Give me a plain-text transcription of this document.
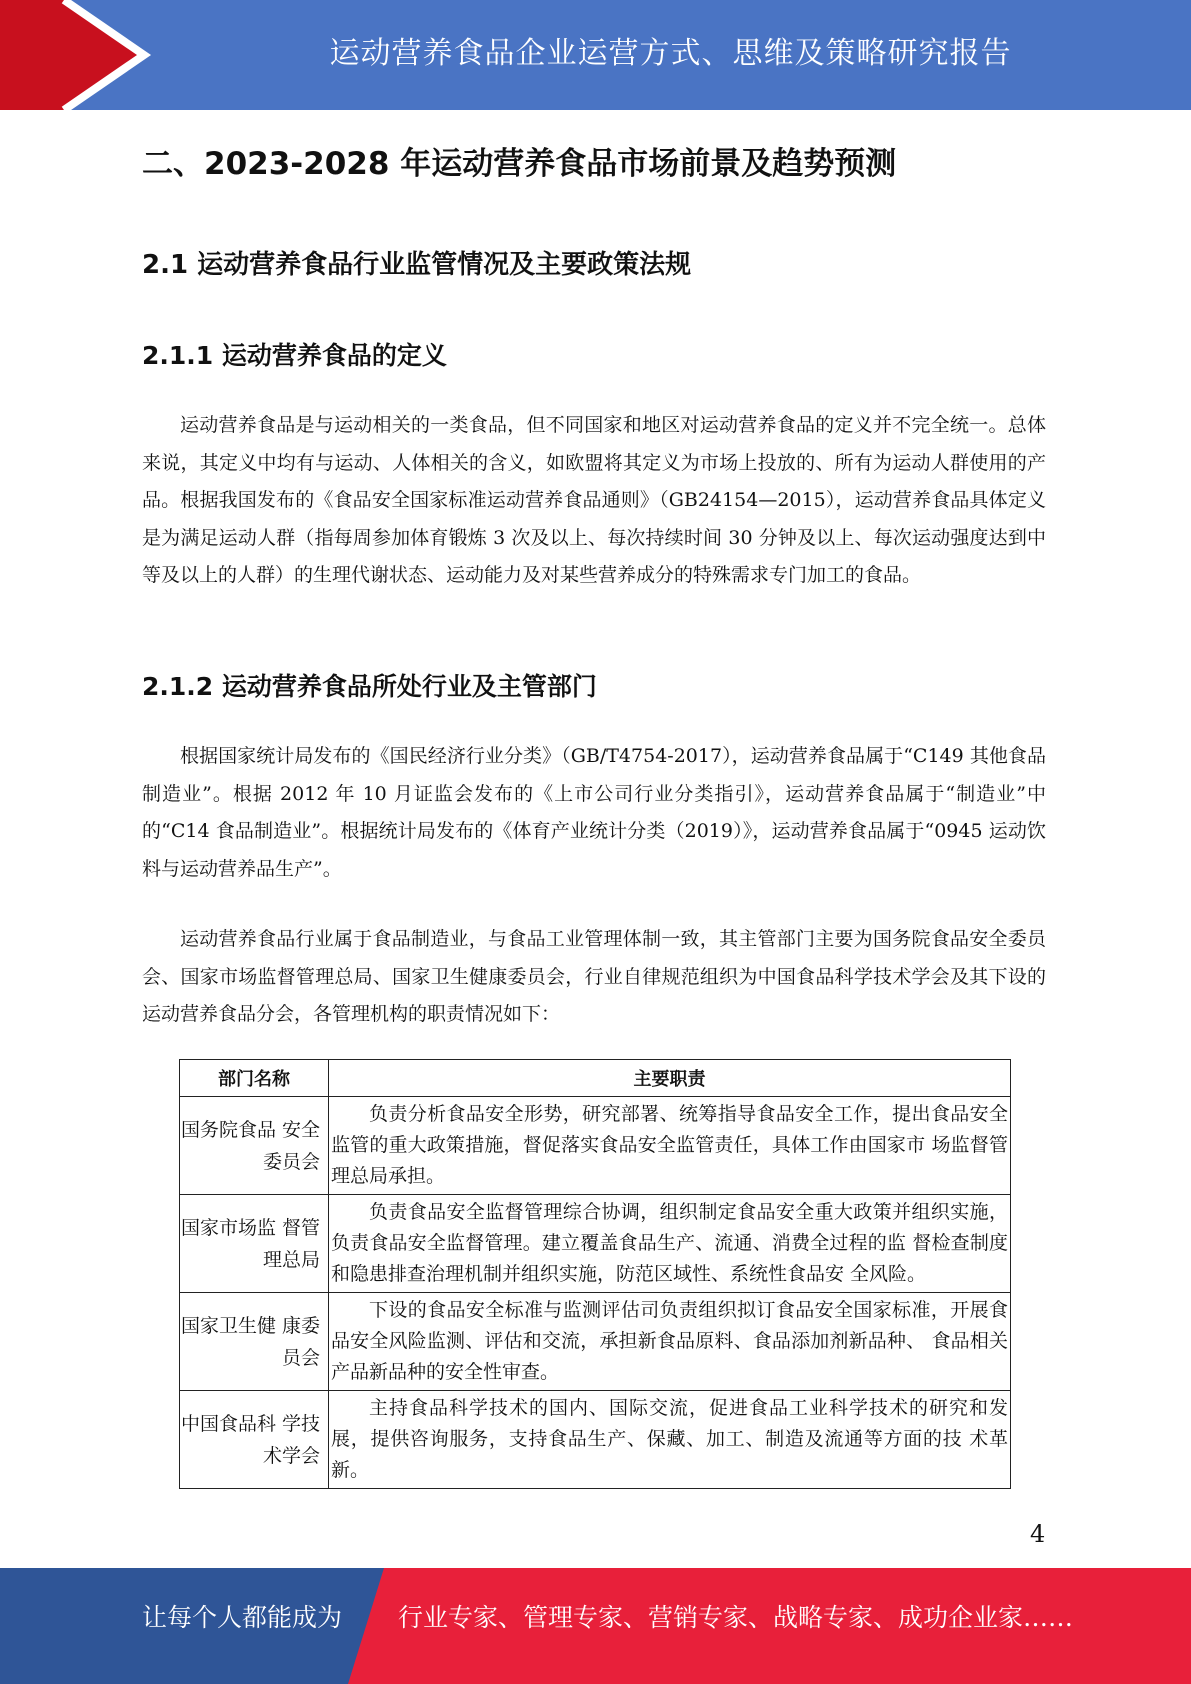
运动营养食品企业运营方式、思维及策略研究报告
二、2023-2028 年运动营养食品市场前景及趋势预测
2.1 运动营养食品行业监管情况及主要政策法规
2.1.1 运动营养食品的定义

运动营养食品是与运动相关的一类食品，但不同国家和地区对运动营养食品的定义并不完全统一。总体来说，其定义中均有与运动、人体相关的含义，如欧盟将其定义为市场上投放的、所有为运动人群使用的产品。根据我国发布的《食品安全国家标准运动营养食品通则》（GB24154—2015），运动营养食品具体定义是为满足运动人群（指每周参加体育锻炼 3 次及以上、每次持续时间 30 分钟及以上、每次运动强度达到中等及以上的人群）的生理代谢状态、运动能力及对某些营养成分的特殊需求专门加工的食品。

2.1.2 运动营养食品所处行业及主管部门

根据国家统计局发布的《国民经济行业分类》（GB/T4754-2017），运动营养食品属于“C149 其他食品制造业”。根据 2012 年 10 月证监会发布的《上市公司行业分类指引》，运动营养食品属于“制造业”中的“C14 食品制造业”。根据统计局发布的《体育产业统计分类（2019）》，运动营养食品属于“0945 运动饮料与运动营养品生产”。

运动营养食品行业属于食品制造业，与食品工业管理体制一致，其主管部门主要为国务院食品安全委员会、国家市场监督管理总局、国家卫生健康委员会，行业自律规范组织为中国食品科学技术学会及其下设的运动营养食品分会，各管理机构的职责情况如下：

部门名称	主要职责
国务院食品 安全委员会	负责分析食品安全形势，研究部署、统筹指导食品安全工作，提出食品安全监管的重大政策措施，督促落实食品安全监管责任，具体工作由国家市 场监督管理总局承担。
国家市场监 督管理总局	负责食品安全监督管理综合协调，组织制定食品安全重大政策并组织实施，负责食品安全监督管理。建立覆盖食品生产、流通、消费全过程的监 督检查制度和隐患排查治理机制并组织实施，防范区域性、系统性食品安 全风险。
国家卫生健 康委员会	下设的食品安全标准与监测评估司负责组织拟订食品安全国家标准，开展食品安全风险监测、评估和交流，承担新食品原料、食品添加剂新品种、 食品相关产品新品种的安全性审查。
中国食品科 学技术学会	主持食品科学技术的国内、国际交流，促进食品工业科学技术的研究和发展，提供咨询服务，支持食品生产、保藏、加工、制造及流通等方面的技 术革新。
4
让每个人都能成为 行业专家、管理专家、营销专家、战略专家、成功企业家……
